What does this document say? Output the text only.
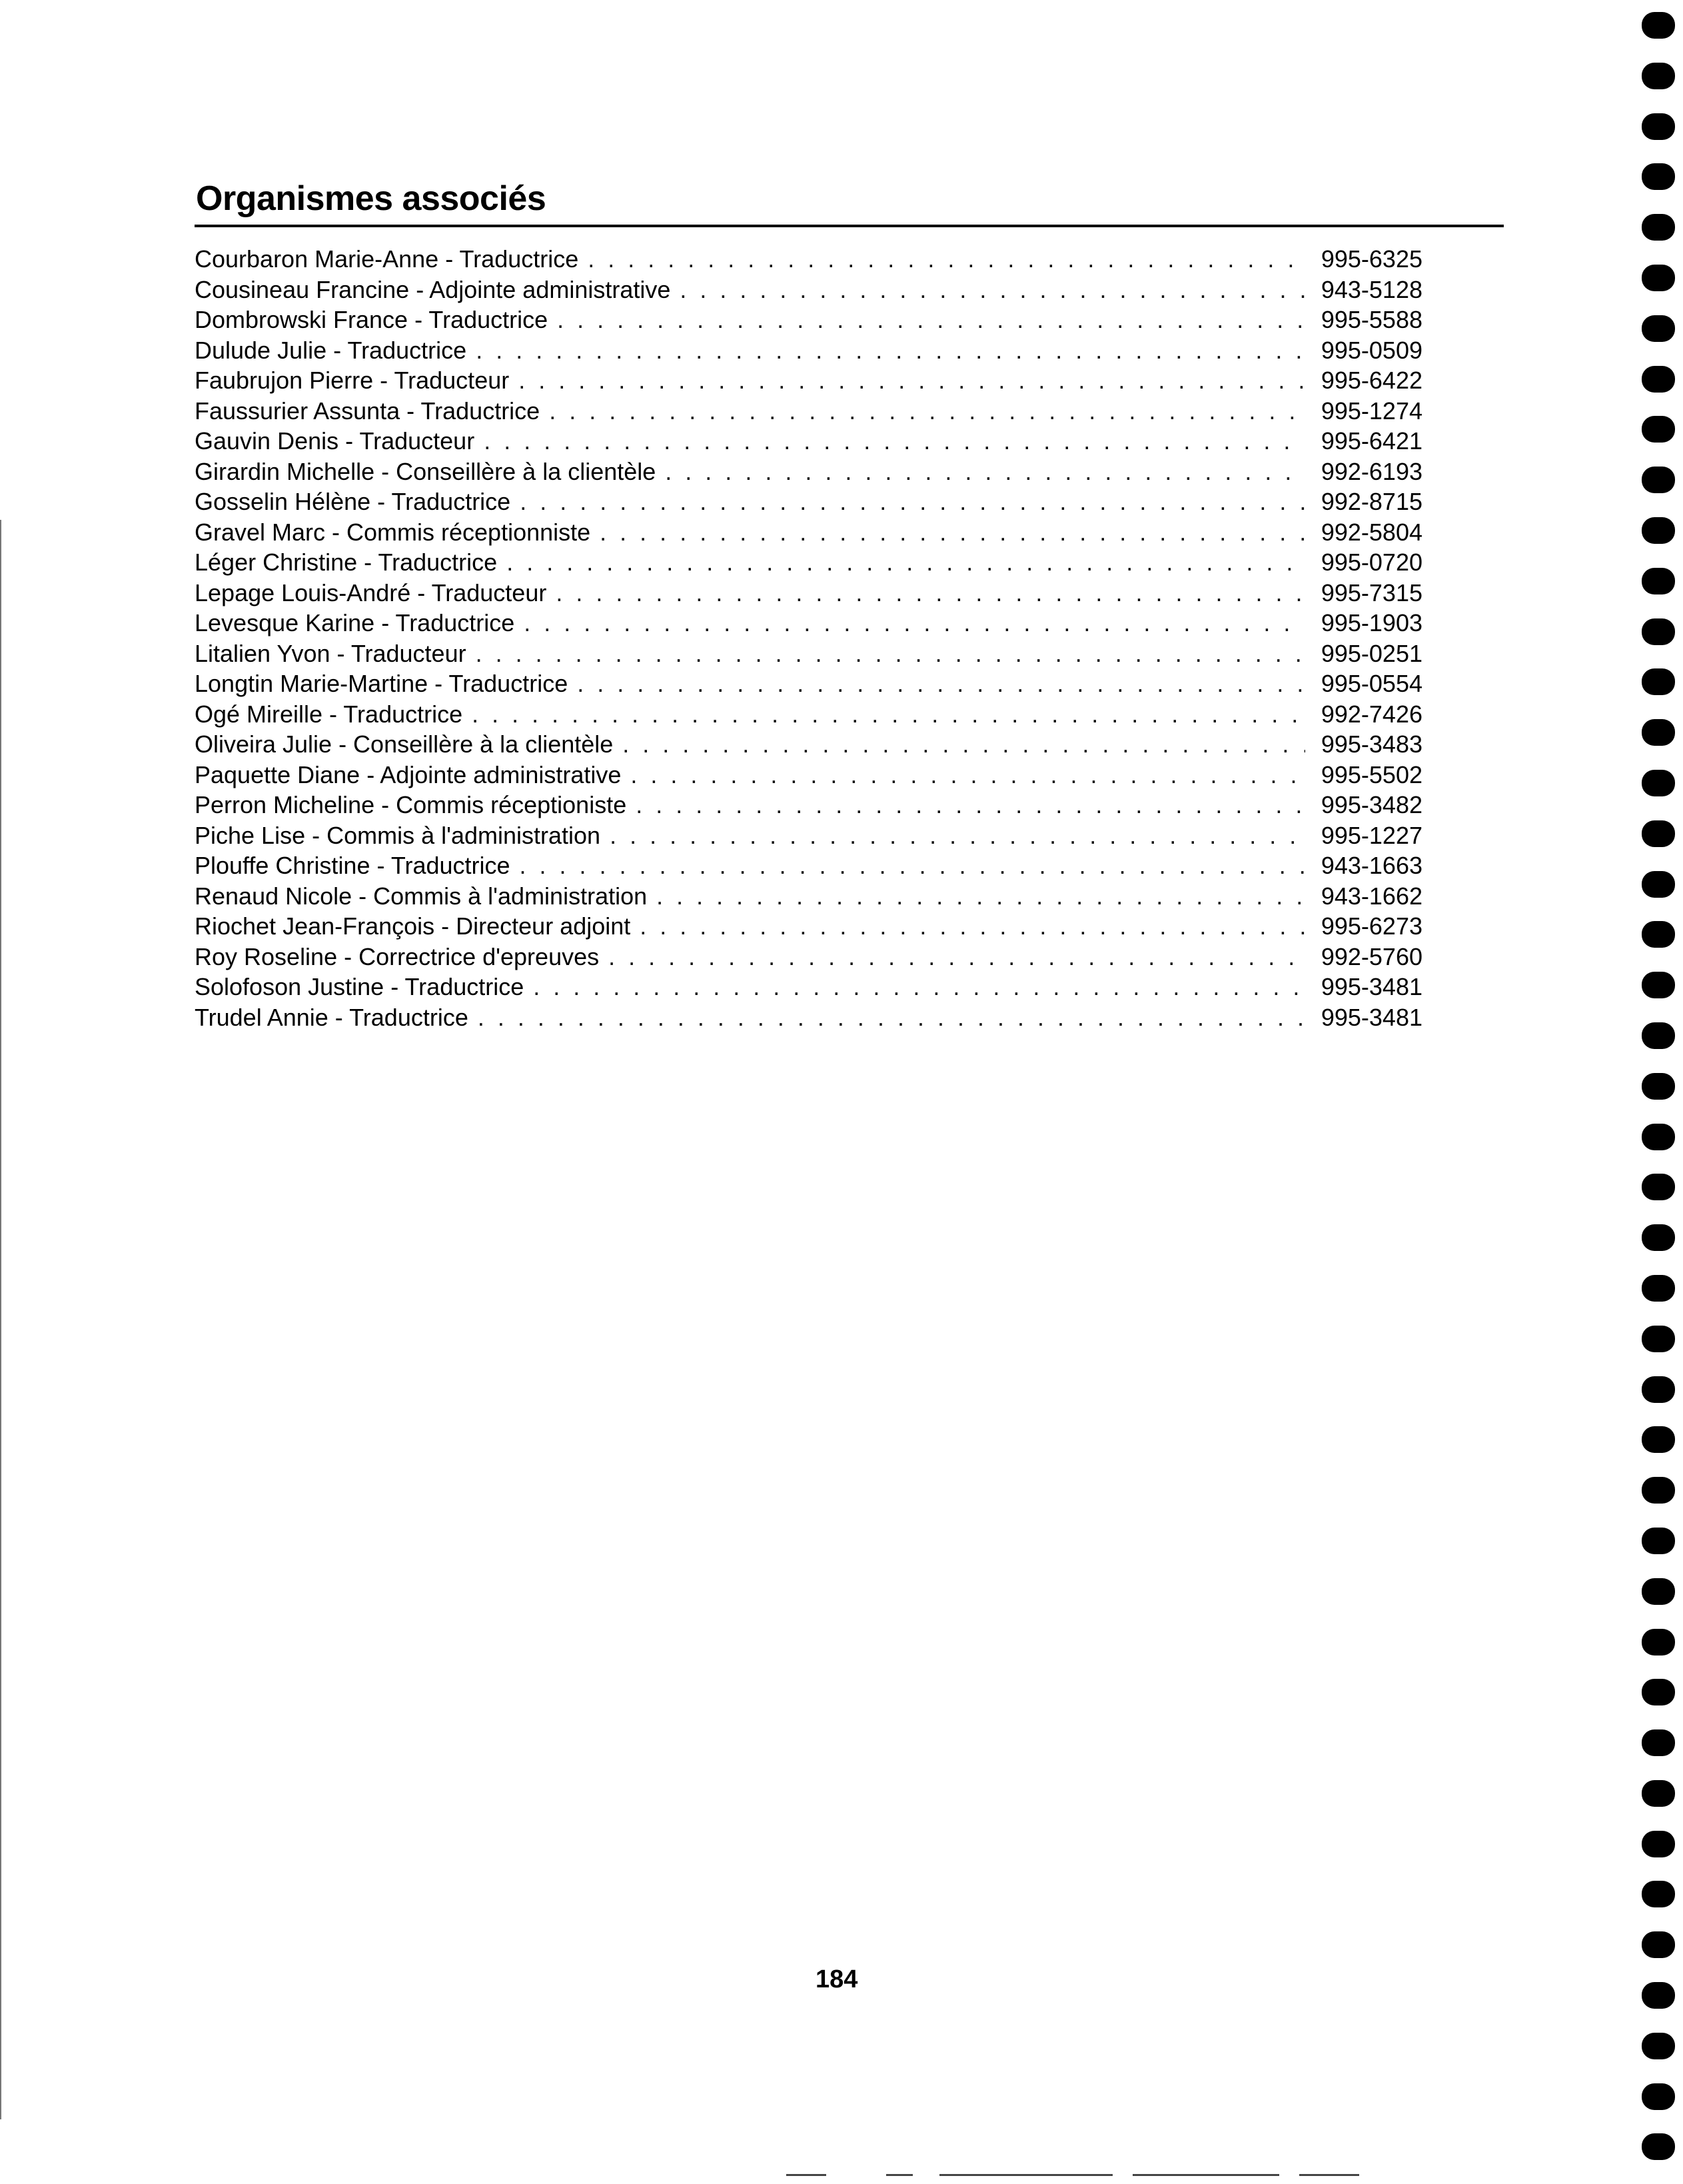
Organismes associés
Courbaron Marie-Anne - Traductrice . . .	995-6325
Cousineau Francine - Adjointe administrative . . .	943-5128
Dombrowski France - Traductrice . . .	995-5588
Dulude Julie - Traductrice . . .	995-0509
Faubrujon Pierre - Traducteur . . .	995-6422
Faussurier Assunta - Traductrice . . .	995-1274
Gauvin Denis - Traducteur . . .	995-6421
Girardin Michelle - Conseillère à la clientèle . . .	992-6193
Gosselin Hélène - Traductrice . . .	992-8715
Gravel Marc - Commis réceptionniste . . .	992-5804
Léger Christine - Traductrice . . .	995-0720
Lepage Louis-André - Traducteur . . .	995-7315
Levesque Karine - Traductrice . . .	995-1903
Litalien Yvon - Traducteur . . .	995-0251
Longtin Marie-Martine - Traductrice . . .	995-0554
Ogé Mireille - Traductrice . . .	992-7426
Oliveira Julie - Conseillère à la clientèle . . .	995-3483
Paquette Diane - Adjointe administrative . . .	995-5502
Perron Micheline - Commis réceptioniste . . .	995-3482
Piche Lise - Commis à l'administration . . .	995-1227
Plouffe Christine - Traductrice . . .	943-1663
Renaud Nicole - Commis à l'administration . . .	943-1662
Riochet Jean-François - Directeur adjoint . . .	995-6273
Roy Roseline - Correctrice d'epreuves . . .	992-5760
Solofoson Justine - Traductrice . . .	995-3481
Trudel Annie - Traductrice . . .	995-3481
184
